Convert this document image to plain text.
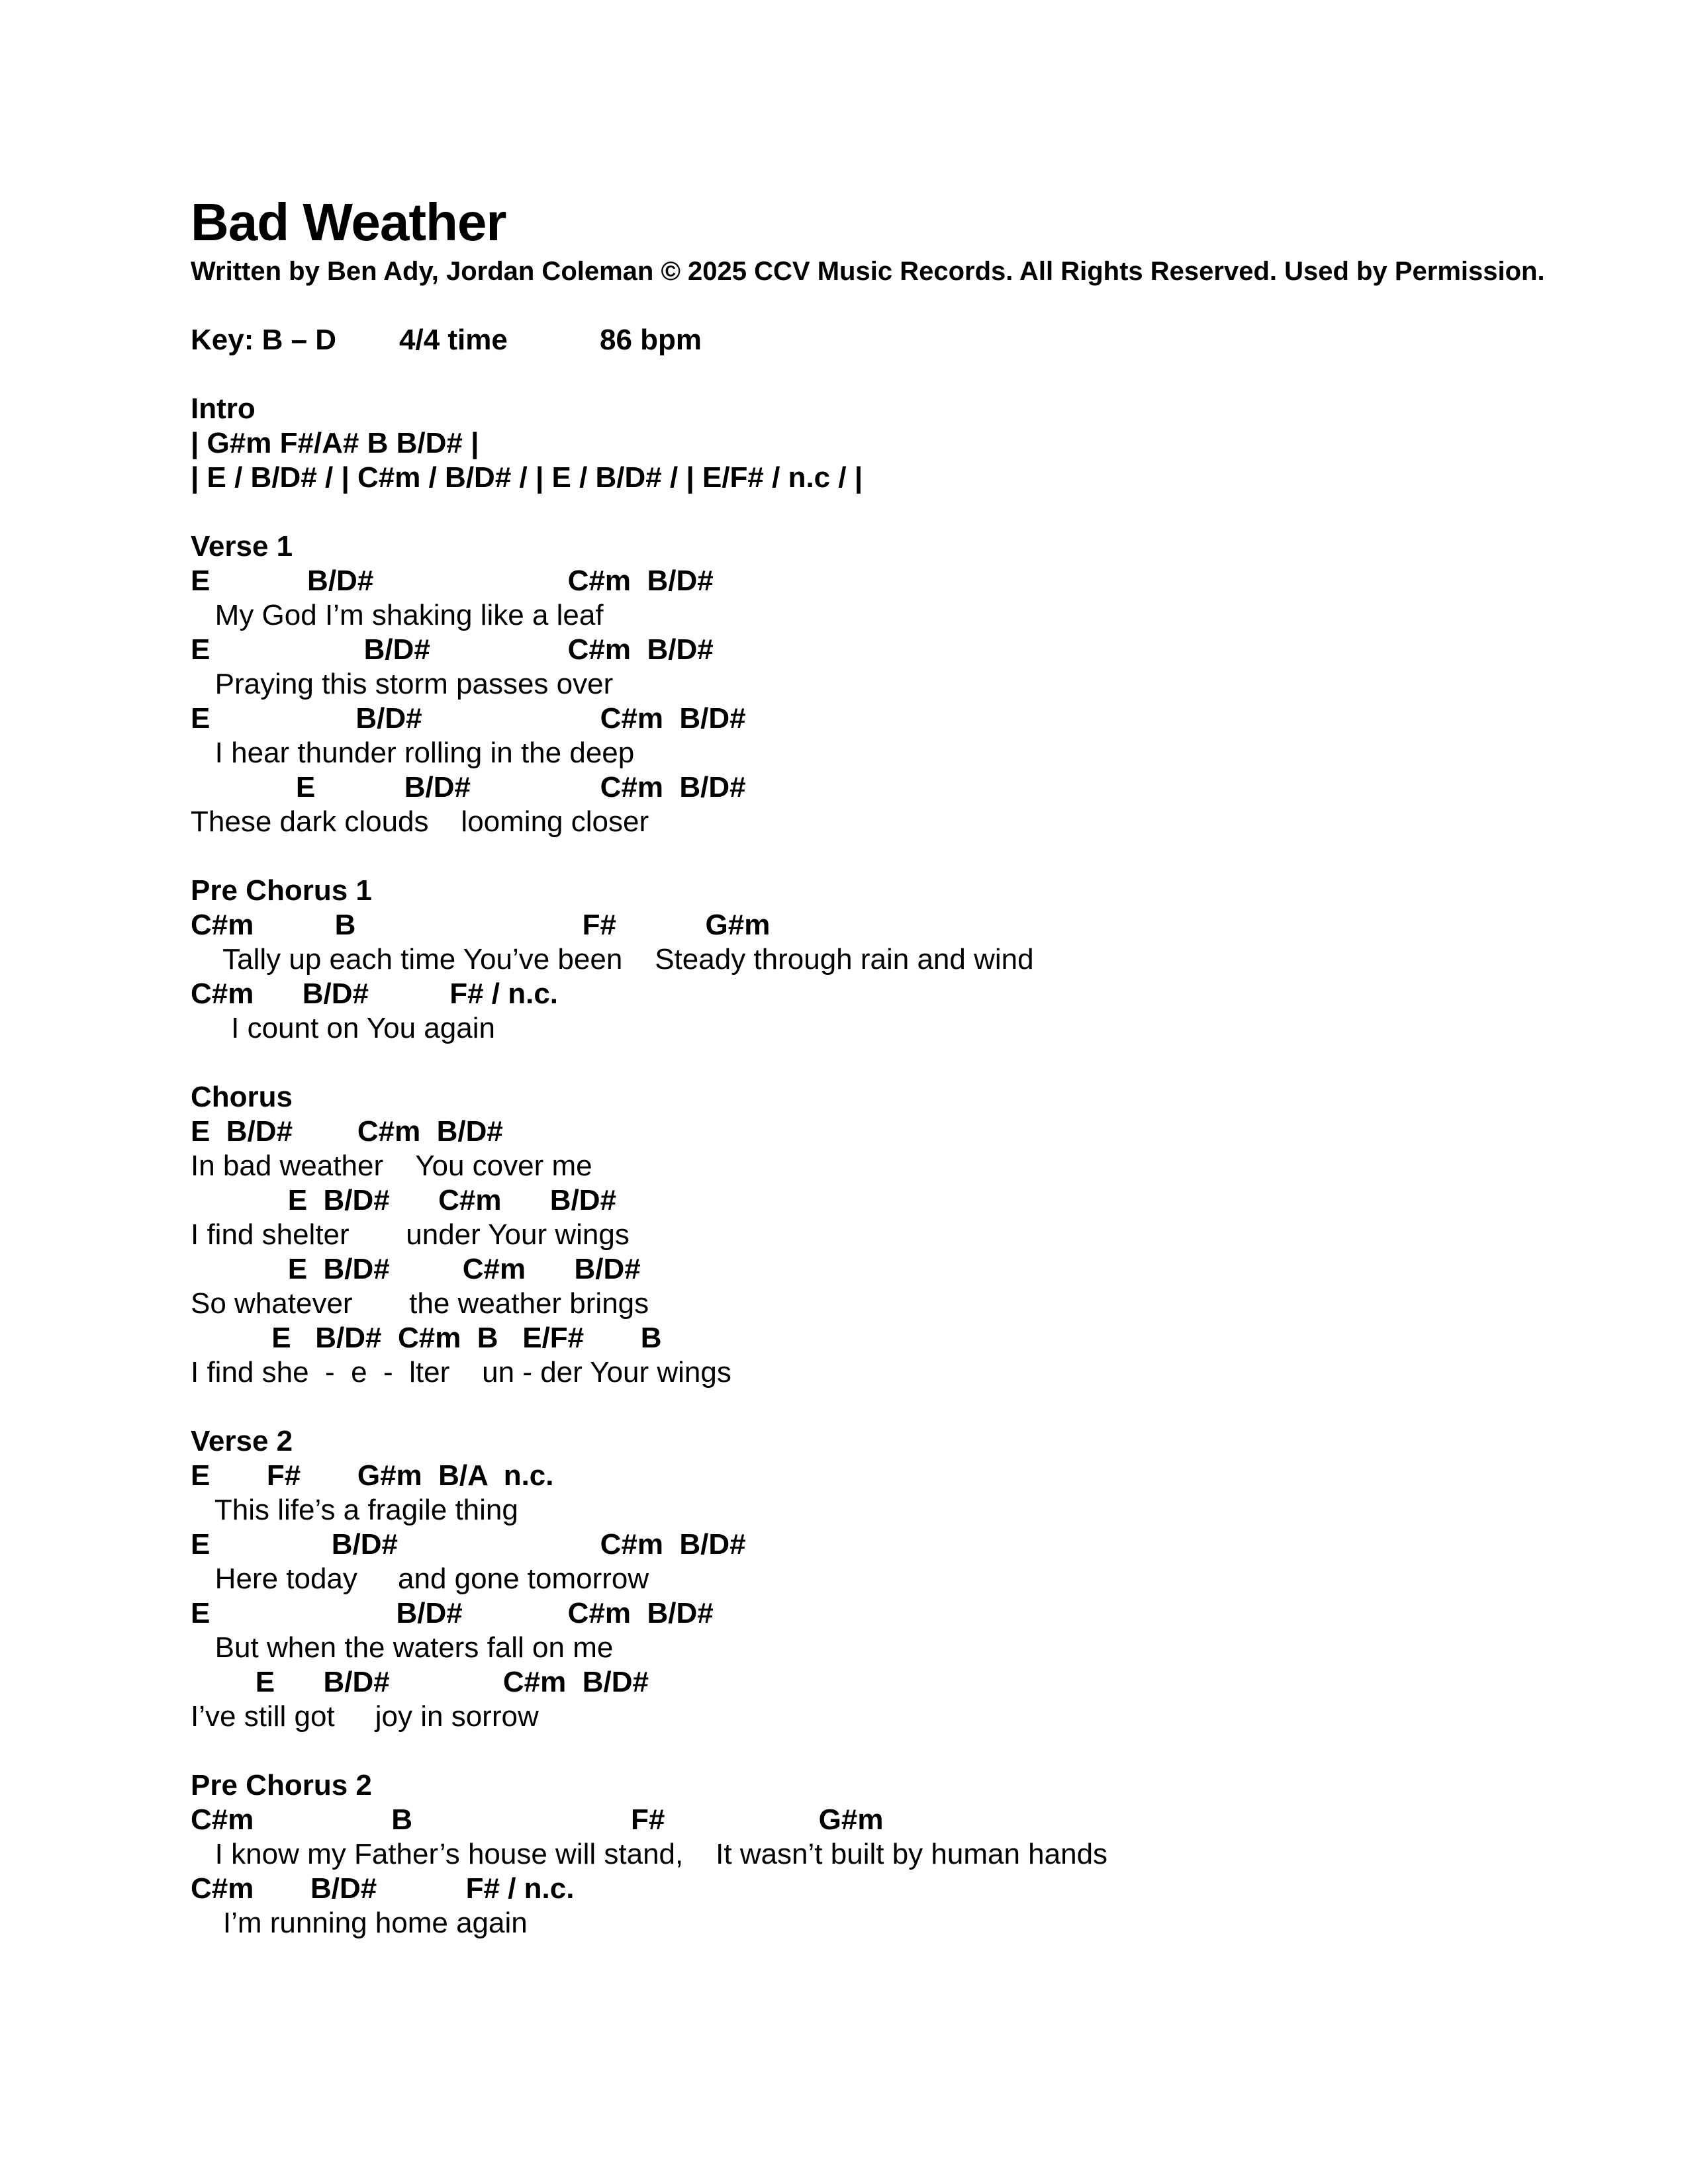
Bad Weather

Written by Ben Ady, Jordan Coleman © 2025 CCV Music Records. All Rights Reserved. Used by Permission.

Key: B – D	4/4 time	86 bpm
Intro
| G#m F#/A# B B/D# |
| E / B/D# / | C#m / B/D# / | E / B/D# / | E/F# / n.c / |
Verse 1
E            B/D#                        C#m  B/D#
My God I’m shaking like a leaf
E                   B/D#                 C#m  B/D#
Praying this storm passes over
E                  B/D#                      C#m  B/D#
I hear thunder rolling in the deep
E           B/D#                C#m  B/D#
These dark clouds    looming closer
Pre Chorus 1
C#m          B                            F#           G#m
Tally up each time You’ve been    Steady through rain and wind
C#m      B/D#          F# / n.c.
I count on You again
Chorus
E  B/D#        C#m  B/D#
In bad weather    You cover me
E  B/D#      C#m      B/D#
I find shelter       under Your wings
E  B/D#         C#m      B/D#
So whatever       the weather brings
E   B/D#  C#m  B   E/F#       B
I find she  -  e  -  lter    un - der Your wings
Verse 2
E       F#       G#m  B/A  n.c.
This life’s a fragile thing
E               B/D#                         C#m  B/D#
Here today     and gone tomorrow
E                       B/D#             C#m  B/D#
But when the waters fall on me
E      B/D#              C#m  B/D#
I’ve still got     joy in sorrow
Pre Chorus 2
C#m                 B                           F#                   G#m
I know my Father’s house will stand,    It wasn’t built by human hands
C#m       B/D#           F# / n.c.
I’m running home again
